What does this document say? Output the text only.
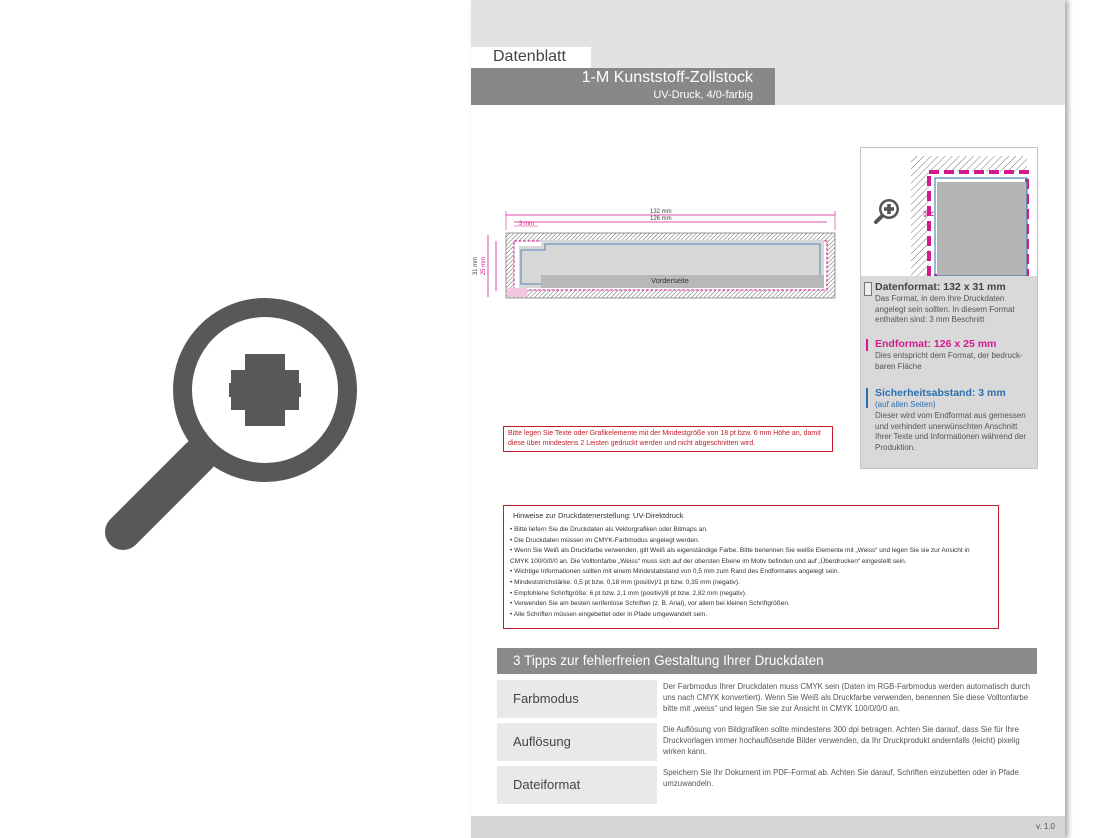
Datenblatt
1-M Kunststoff-Zollstock
UV-Druck, 4/0-farbig
132 mm
126 mm
3 mm
31 mm 25 mm
Vorderseite
✂
Datenformat: 132 x 31 mm
Das Format, in dem Ihre Druckdaten angelegt sein sollten. In diesem Format enthalten sind: 3 mm Beschnitt
Endformat: 126 x 25 mm
Dies entspricht dem Format, der bedruck-baren Fläche
Sicherheitsabstand: 3 mm
(auf allen Seiten)
Dieser wird vom Endformat aus gemessen und verhindert unerwünschten Anschnitt Ihrer Texte und Informationen während der Produktion.
Bitte legen Sie Texte oder Grafikelemente mit der Mindestgröße von 18 pt bzw. 6 mm Höhe an, damit diese über mindestens 2 Leisten gedruckt werden und nicht abgeschnitten wird.
Hinweise zur Druckdatenerstellung: UV-Direktdruck
• Bitte liefern Sie die Druckdaten als Vektorgrafiken oder Bitmaps an.
• Die Druckdaten müssen im CMYK-Farbmodus angelegt werden.
• Wenn Sie Weiß als Druckfarbe verwenden, gilt Weiß als eigenständige Farbe. Bitte benennen Sie weiße Elemente mit „Weiss“ und legen Sie sie zur Ansicht in CMYK 100/0/0/0 an. Die Volltonfarbe „Weiss“ muss sich auf der obersten Ebene im Motiv befinden und auf „Überdrucken“ eingestellt sein.
• Wichtige Informationen sollten mit einem Mindestabstand von 0,5 mm zum Rand des Endformates angelegt sein.
• Mindeststrichstärke: 0,5 pt bzw. 0,18 mm (positiv)/1 pt bzw. 0,35 mm (negativ).
• Empfohlene Schriftgröße: 6 pt bzw. 2,1 mm (positiv)/8 pt bzw. 2,82 mm (negativ).
• Verwenden Sie am besten serifenlose Schriften (z. B. Arial), vor allem bei kleinen Schriftgrößen.
• Alle Schriften müssen eingebettet oder in Pfade umgewandelt sein.
3 Tipps zur fehlerfreien Gestaltung Ihrer Druckdaten
Farbmodus
Der Farbmodus Ihrer Druckdaten muss CMYK sein (Daten im RGB-Farbmodus werden automatisch durch uns nach CMYK konvertiert). Wenn Sie Weiß als Druckfarbe verwenden, benennen Sie diese Volltonfarbe bitte mit „weiss“ und legen Sie sie zur Ansicht in CMYK 100/0/0/0 an.
Auflösung
Die Auflösung von Bildgrafiken sollte mindestens 300 dpi betragen. Achten Sie darauf, dass Sie für Ihre Druckvorlagen immer hochauflösende Bilder verwenden, da Ihr Druckprodukt andernfalls (leicht) pixelig wirken kann.
Dateiformat
Speichern Sie Ihr Dokument im PDF-Format ab. Achten Sie darauf, Schriften einzubetten oder in Pfade umzuwandeln.
v. 1.0
